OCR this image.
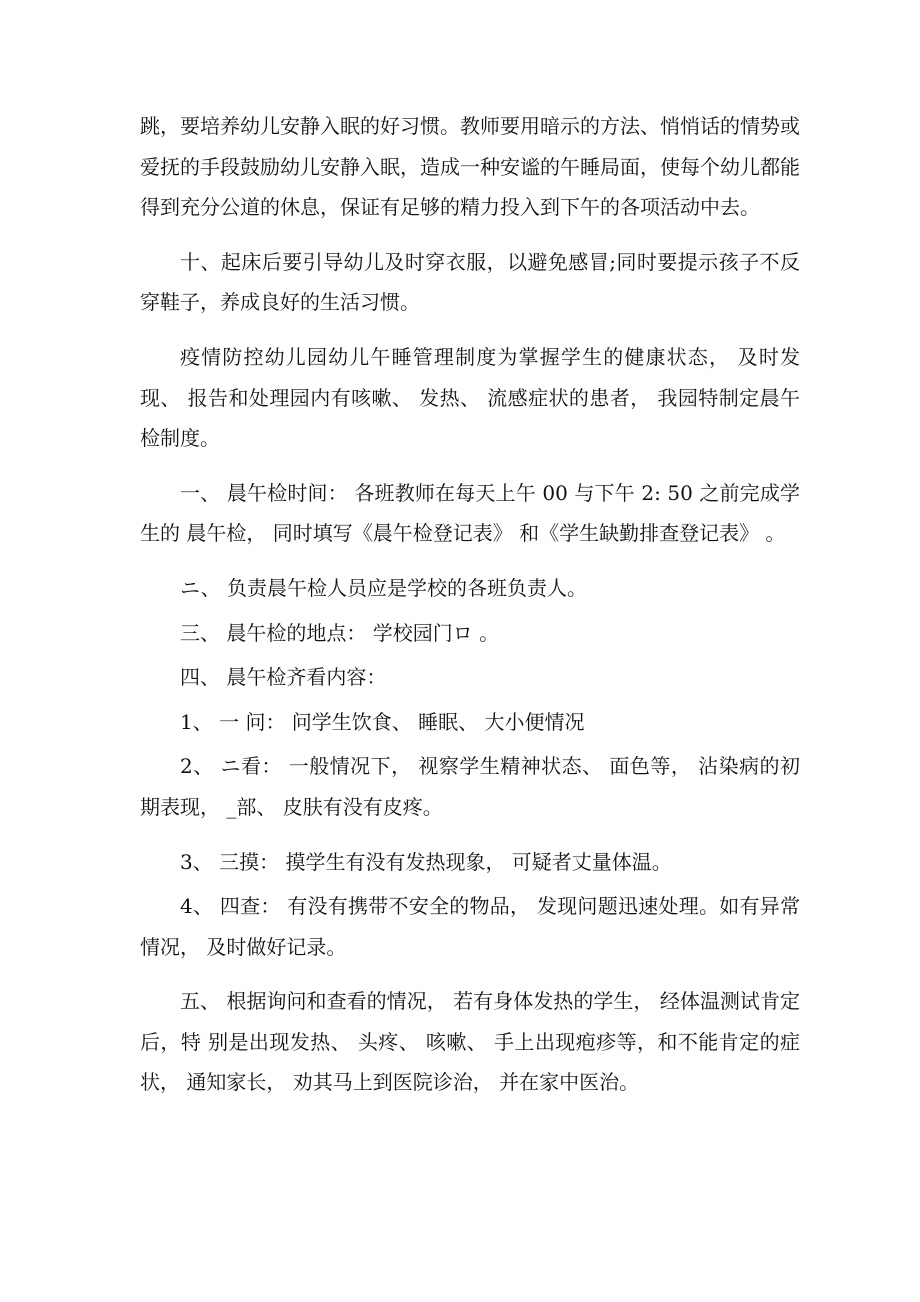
跳，要培养幼儿安静入眠的好习惯。教师要用暗示的方法、悄悄话的情势或爱抚的手段鼓励幼儿安静入眠，造成一种安谧的午睡局面，使每个幼儿都能得到充分公道的休息，保证有足够的精力投入到下午的各项活动中去。

十、起床后要引导幼儿及时穿衣服，以避免感冒;同时要提示孩子不反穿鞋子，养成良好的生活习惯。

疫情防控幼儿园幼儿午睡管理制度为掌握学生的健康状态， 及时发现、 报告和处理园内有咳嗽、 发热、 流感症状的患者， 我园特制定晨午检制度。

一、 晨午检时间： 各班教师在每天上午 00 与下午 2: 50 之前完成学生的 晨午检， 同时填写《晨午检登记表》 和《学生缺勤排查登记表》 。

ニ、 负责晨午检人员应是学校的各班负责人。

三、 晨午检的地点： 学校园门ロ 。

四、 晨午检齐看内容：

1、 一 问： 问学生饮食、 睡眠、 大小便情况

2、 ニ看： 一般情况下， 视察学生精神状态、 面色等， 沾染病的初期表现， _部、 皮肤有没有皮疼。

3、 三摸： 摸学生有没有发热现象， 可疑者丈量体温。

4、 四查： 有没有携带不安全的物品， 发现问题迅速处理。如有异常情况， 及时做好记录。

五、 根据询问和查看的情况， 若有身体发热的学生， 经体温测试肯定后，特 别是出现发热、 头疼、 咳嗽、 手上出现疱疹等，和不能肯定的症状， 通知家长， 劝其马上到医院诊治， 并在家中医治。
